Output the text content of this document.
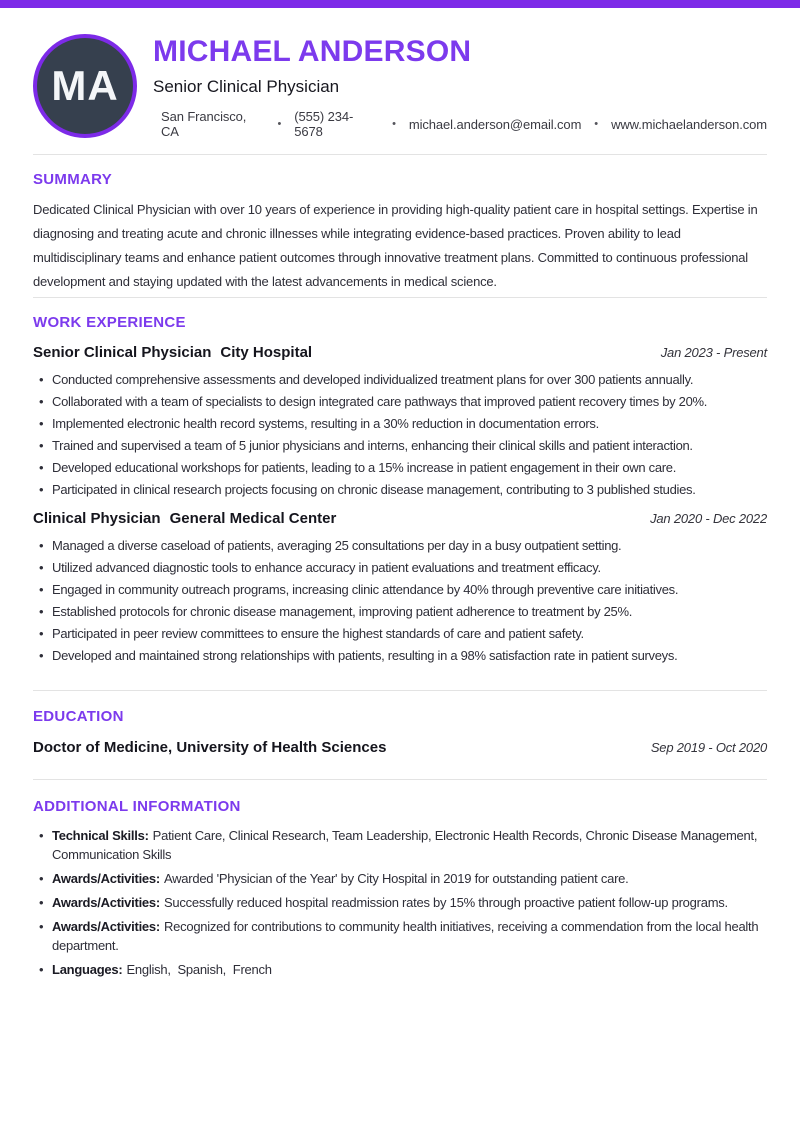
MA
MICHAEL ANDERSON
Senior Clinical Physician
San Francisco, CA	• (555) 234-5678	• michael.anderson@email.com • www.michaelanderson.com
SUMMARY

Dedicated Clinical Physician with over 10 years of experience in providing high-quality patient care in hospital settings. Expertise in diagnosing and treating acute and chronic illnesses while integrating evidence-based practices. Proven ability to lead multidisciplinary teams and enhance patient outcomes through innovative treatment plans. Committed to continuous professional development and staying updated with the latest advancements in medical science.

WORK EXPERIENCE
Senior Clinical Physician City Hospital	Jan 2023 - Present
• Conducted comprehensive assessments and developed individualized treatment plans for over 300 patients annually.
• Collaborated with a team of specialists to design integrated care pathways that improved patient recovery times by 20%.
• Implemented electronic health record systems, resulting in a 30% reduction in documentation errors.
• Trained and supervised a team of 5 junior physicians and interns, enhancing their clinical skills and patient interaction.
• Developed educational workshops for patients, leading to a 15% increase in patient engagement in their own care.
• Participated in clinical research projects focusing on chronic disease management, contributing to 3 published studies.
Clinical Physician General Medical Center	Jan 2020 - Dec 2022
• Managed a diverse caseload of patients, averaging 25 consultations per day in a busy outpatient setting.
• Utilized advanced diagnostic tools to enhance accuracy in patient evaluations and treatment efficacy.
• Engaged in community outreach programs, increasing clinic attendance by 40% through preventive care initiatives.
• Established protocols for chronic disease management, improving patient adherence to treatment by 25%.
• Participated in peer review committees to ensure the highest standards of care and patient safety.
• Developed and maintained strong relationships with patients, resulting in a 98% satisfaction rate in patient surveys.
EDUCATION
Doctor of Medicine, University of Health Sciences	Sep 2019 - Oct 2020
ADDITIONAL INFORMATION
• Technical Skills: Patient Care, Clinical Research, Team Leadership, Electronic Health Records, Chronic Disease Management, Communication Skills
• Awards/Activities: Awarded 'Physician of the Year' by City Hospital in 2019 for outstanding patient care.
• Awards/Activities: Successfully reduced hospital readmission rates by 15% through proactive patient follow-up programs.
• Awards/Activities: Recognized for contributions to community health initiatives, receiving a commendation from the local health department.
• Languages: English,  Spanish,  French
